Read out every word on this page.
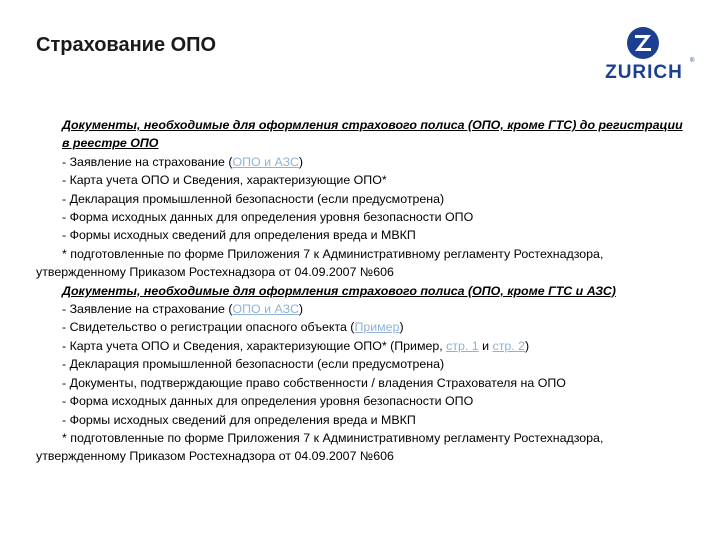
Страхование ОПО
ZURICH
®
Документы, необходимые для оформления страхового полиса (ОПО, кроме ГТС) до регистрации в реестре ОПО
- Заявление на страхование (ОПО и АЗС)
- Карта учета ОПО и Сведения, характеризующие ОПО*
- Декларация промышленной безопасности (если предусмотрена)
- Форма исходных данных для определения уровня безопасности ОПО
- Формы исходных сведений для определения вреда и МВКП
* подготовленные по форме Приложения 7 к Административному регламенту Ростехнадзора,
утвержденному Приказом Ростехнадзора от 04.09.2007 №606
Документы, необходимые для оформления страхового полиса (ОПО, кроме ГТС и АЗС)
- Заявление на страхование (ОПО и АЗС)
- Свидетельство о регистрации опасного объекта (Пример)
- Карта учета ОПО и Сведения, характеризующие ОПО* (Пример, стр. 1 и стр. 2)
- Декларация промышленной безопасности (если предусмотрена)
- Документы, подтверждающие право собственности / владения Страхователя на ОПО
- Форма исходных данных для определения уровня безопасности ОПО
- Формы исходных сведений для определения вреда и МВКП
* подготовленные по форме Приложения 7 к Административному регламенту Ростехнадзора,
утвержденному Приказом Ростехнадзора от 04.09.2007 №606
